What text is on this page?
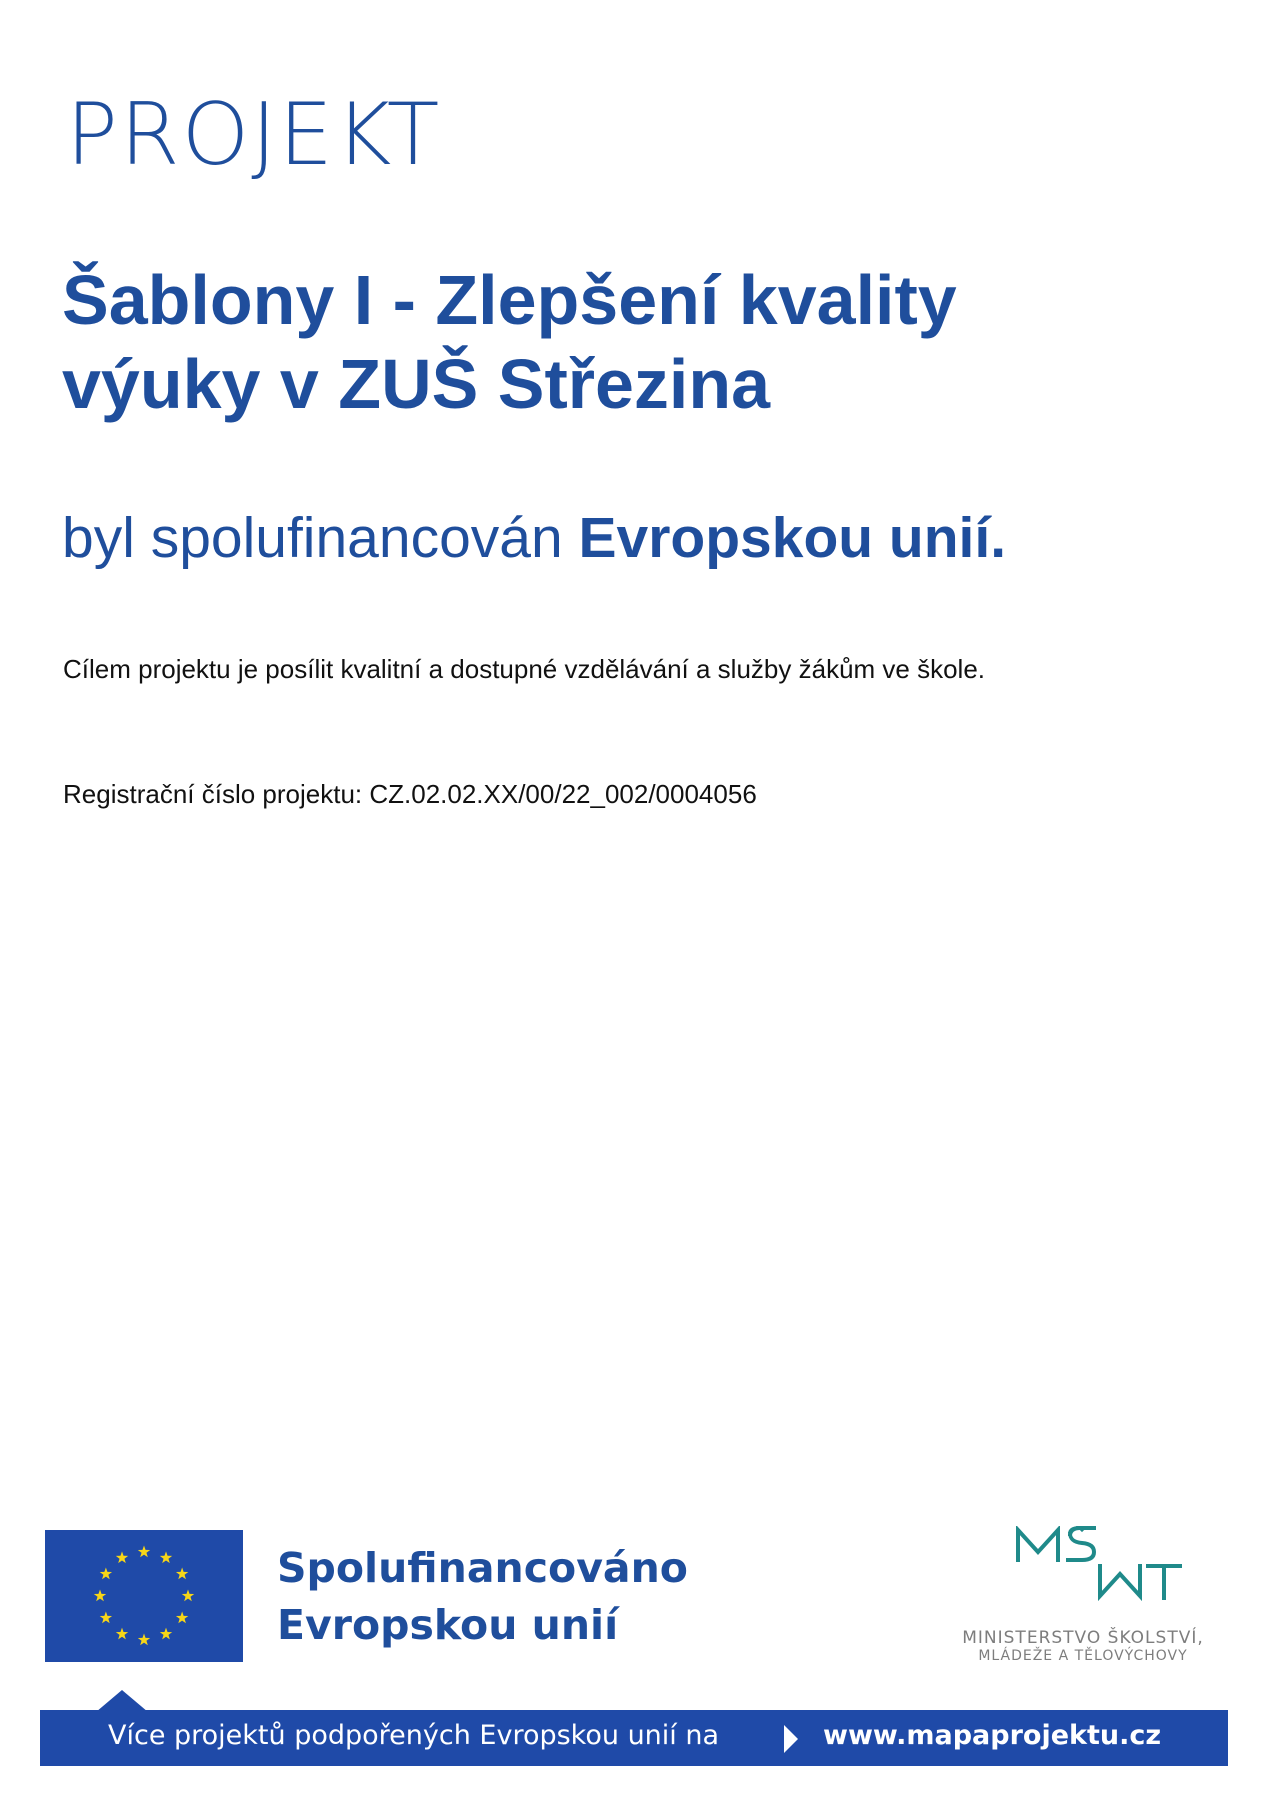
PROJEKT
Šablony I - Zlepšení kvality
výuky v ZUŠ Střezina
byl spolufinancován Evropskou unií.
Cílem projektu je posílit kvalitní a dostupné vzdělávání a služby žákům ve škole.
Registrační číslo projektu: CZ.02.02.XX/00/22_002/0004056
Spolufinancováno
Evropskou unií	MINISTERSTVO ŠKOLSTVÍ,
MLÁDEŽE A TĚLOVÝCHOVY
Více projektů podpořených Evropskou unií na	www.mapaprojektu.cz
